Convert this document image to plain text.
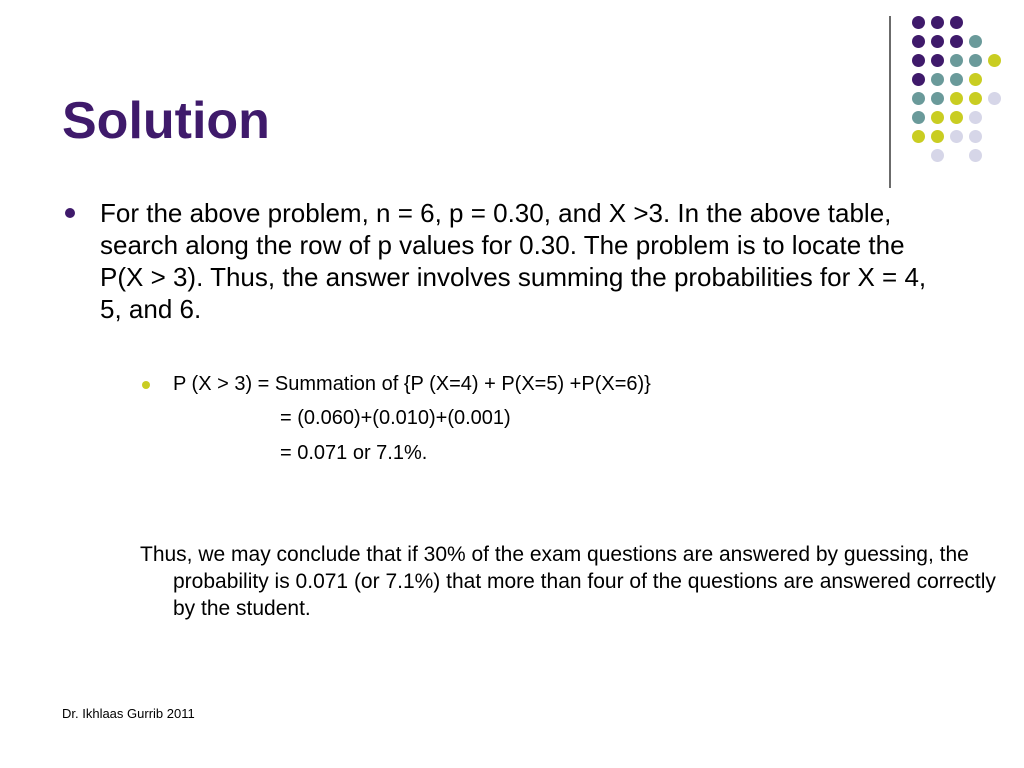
Solution
For the above problem, n = 6, p = 0.30, and X >3. In the above table, search along the row of p values for 0.30. The problem is to locate the P(X > 3). Thus, the answer involves summing the probabilities for X = 4, 5, and 6.
P (X > 3) = Summation of {P (X=4) + P(X=5) +P(X=6)}
= (0.060)+(0.010)+(0.001)
= 0.071 or 7.1%.
Thus, we may conclude that if 30% of the exam questions are answered by guessing, the probability is 0.071 (or 7.1%) that more than four of the questions are answered correctly by the student.
Dr. Ikhlaas Gurrib 2011
